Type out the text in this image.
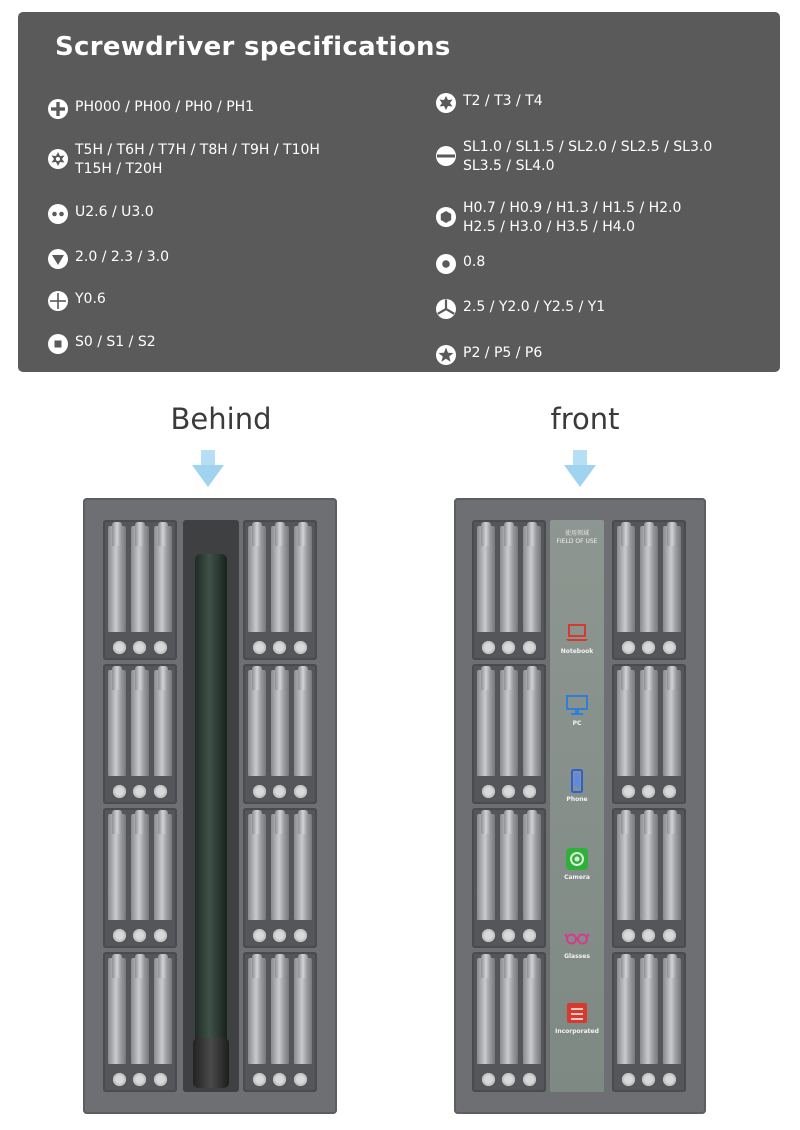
Screwdriver specifications
PH000 / PH00 / PH0 / PH1
T5H / T6H / T7H / T8H / T9H / T10H
T15H / T20H
U2.6 / U3.0
2.0 / 2.3 / 3.0
Y0.6
S0 / S1 / S2
T2 / T3 / T4
SL1.0 / SL1.5 / SL2.0 / SL2.5 / SL3.0
SL3.5 / SL4.0
H0.7 / H0.9 / H1.3 / H1.5 / H2.0
H2.5 / H3.0 / H3.5 / H4.0
0.8
2.5 / Y2.0 / Y2.5 / Y1
P2 / P5 / P6
Behind	front
使用领域
FIELD OF USE
Notebook
PC
Phone
Camera
Glasses
Incorporated
